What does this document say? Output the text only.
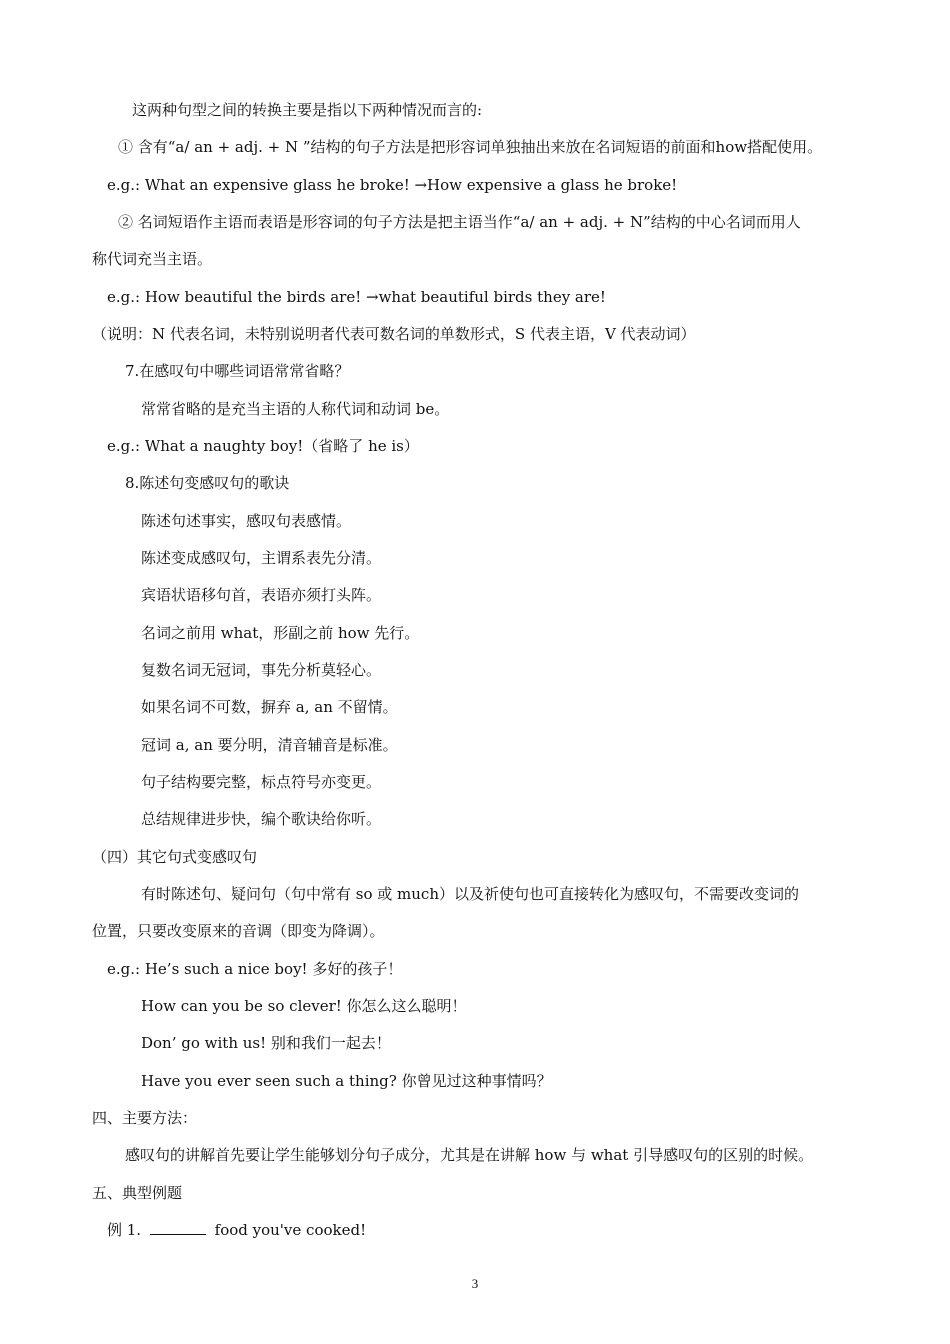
这两种句型之间的转换主要是指以下两种情况而言的:
① 含有“a/ an + adj. + N ”结构的句子方法是把形容词单独抽出来放在名词短语的前面和how搭配使用。
e.g.: What an expensive glass he broke! →How expensive a glass he broke!
② 名词短语作主语而表语是形容词的句子方法是把主语当作“a/ an + adj. + N”结构的中心名词而用人
称代词充当主语。
e.g.: How beautiful the birds are! →what beautiful birds they are!
（说明：N 代表名词，未特别说明者代表可数名词的单数形式，S 代表主语，V 代表动词）
7.在感叹句中哪些词语常常省略？
常常省略的是充当主语的人称代词和动词 be。
e.g.: What a naughty boy!（省略了 he is）
8.陈述句变感叹句的歌诀
陈述句述事实，感叹句表感情。
陈述变成感叹句，主谓系表先分清。
宾语状语移句首，表语亦须打头阵。
名词之前用 what，形副之前 how 先行。
复数名词无冠词，事先分析莫轻心。
如果名词不可数，摒弃 a, an 不留情。
冠词 a, an 要分明，清音辅音是标准。
句子结构要完整，标点符号亦变更。
总结规律进步快，编个歌诀给你听。
（四）其它句式变感叹句
有时陈述句、疑问句（句中常有 so 或 much）以及祈使句也可直接转化为感叹句，不需要改变词的
位置，只要改变原来的音调（即变为降调）。
e.g.: He’s such a nice boy! 多好的孩子！
How can you be so clever! 你怎么这么聪明！
Don’ go with us! 别和我们一起去！
Have you ever seen such a thing? 你曾见过这种事情吗？
四、主要方法：
感叹句的讲解首先要让学生能够划分句子成分，尤其是在讲解 how 与 what 引导感叹句的区别的时候。
五、典型例题
例 1.	food you've cooked!
3
